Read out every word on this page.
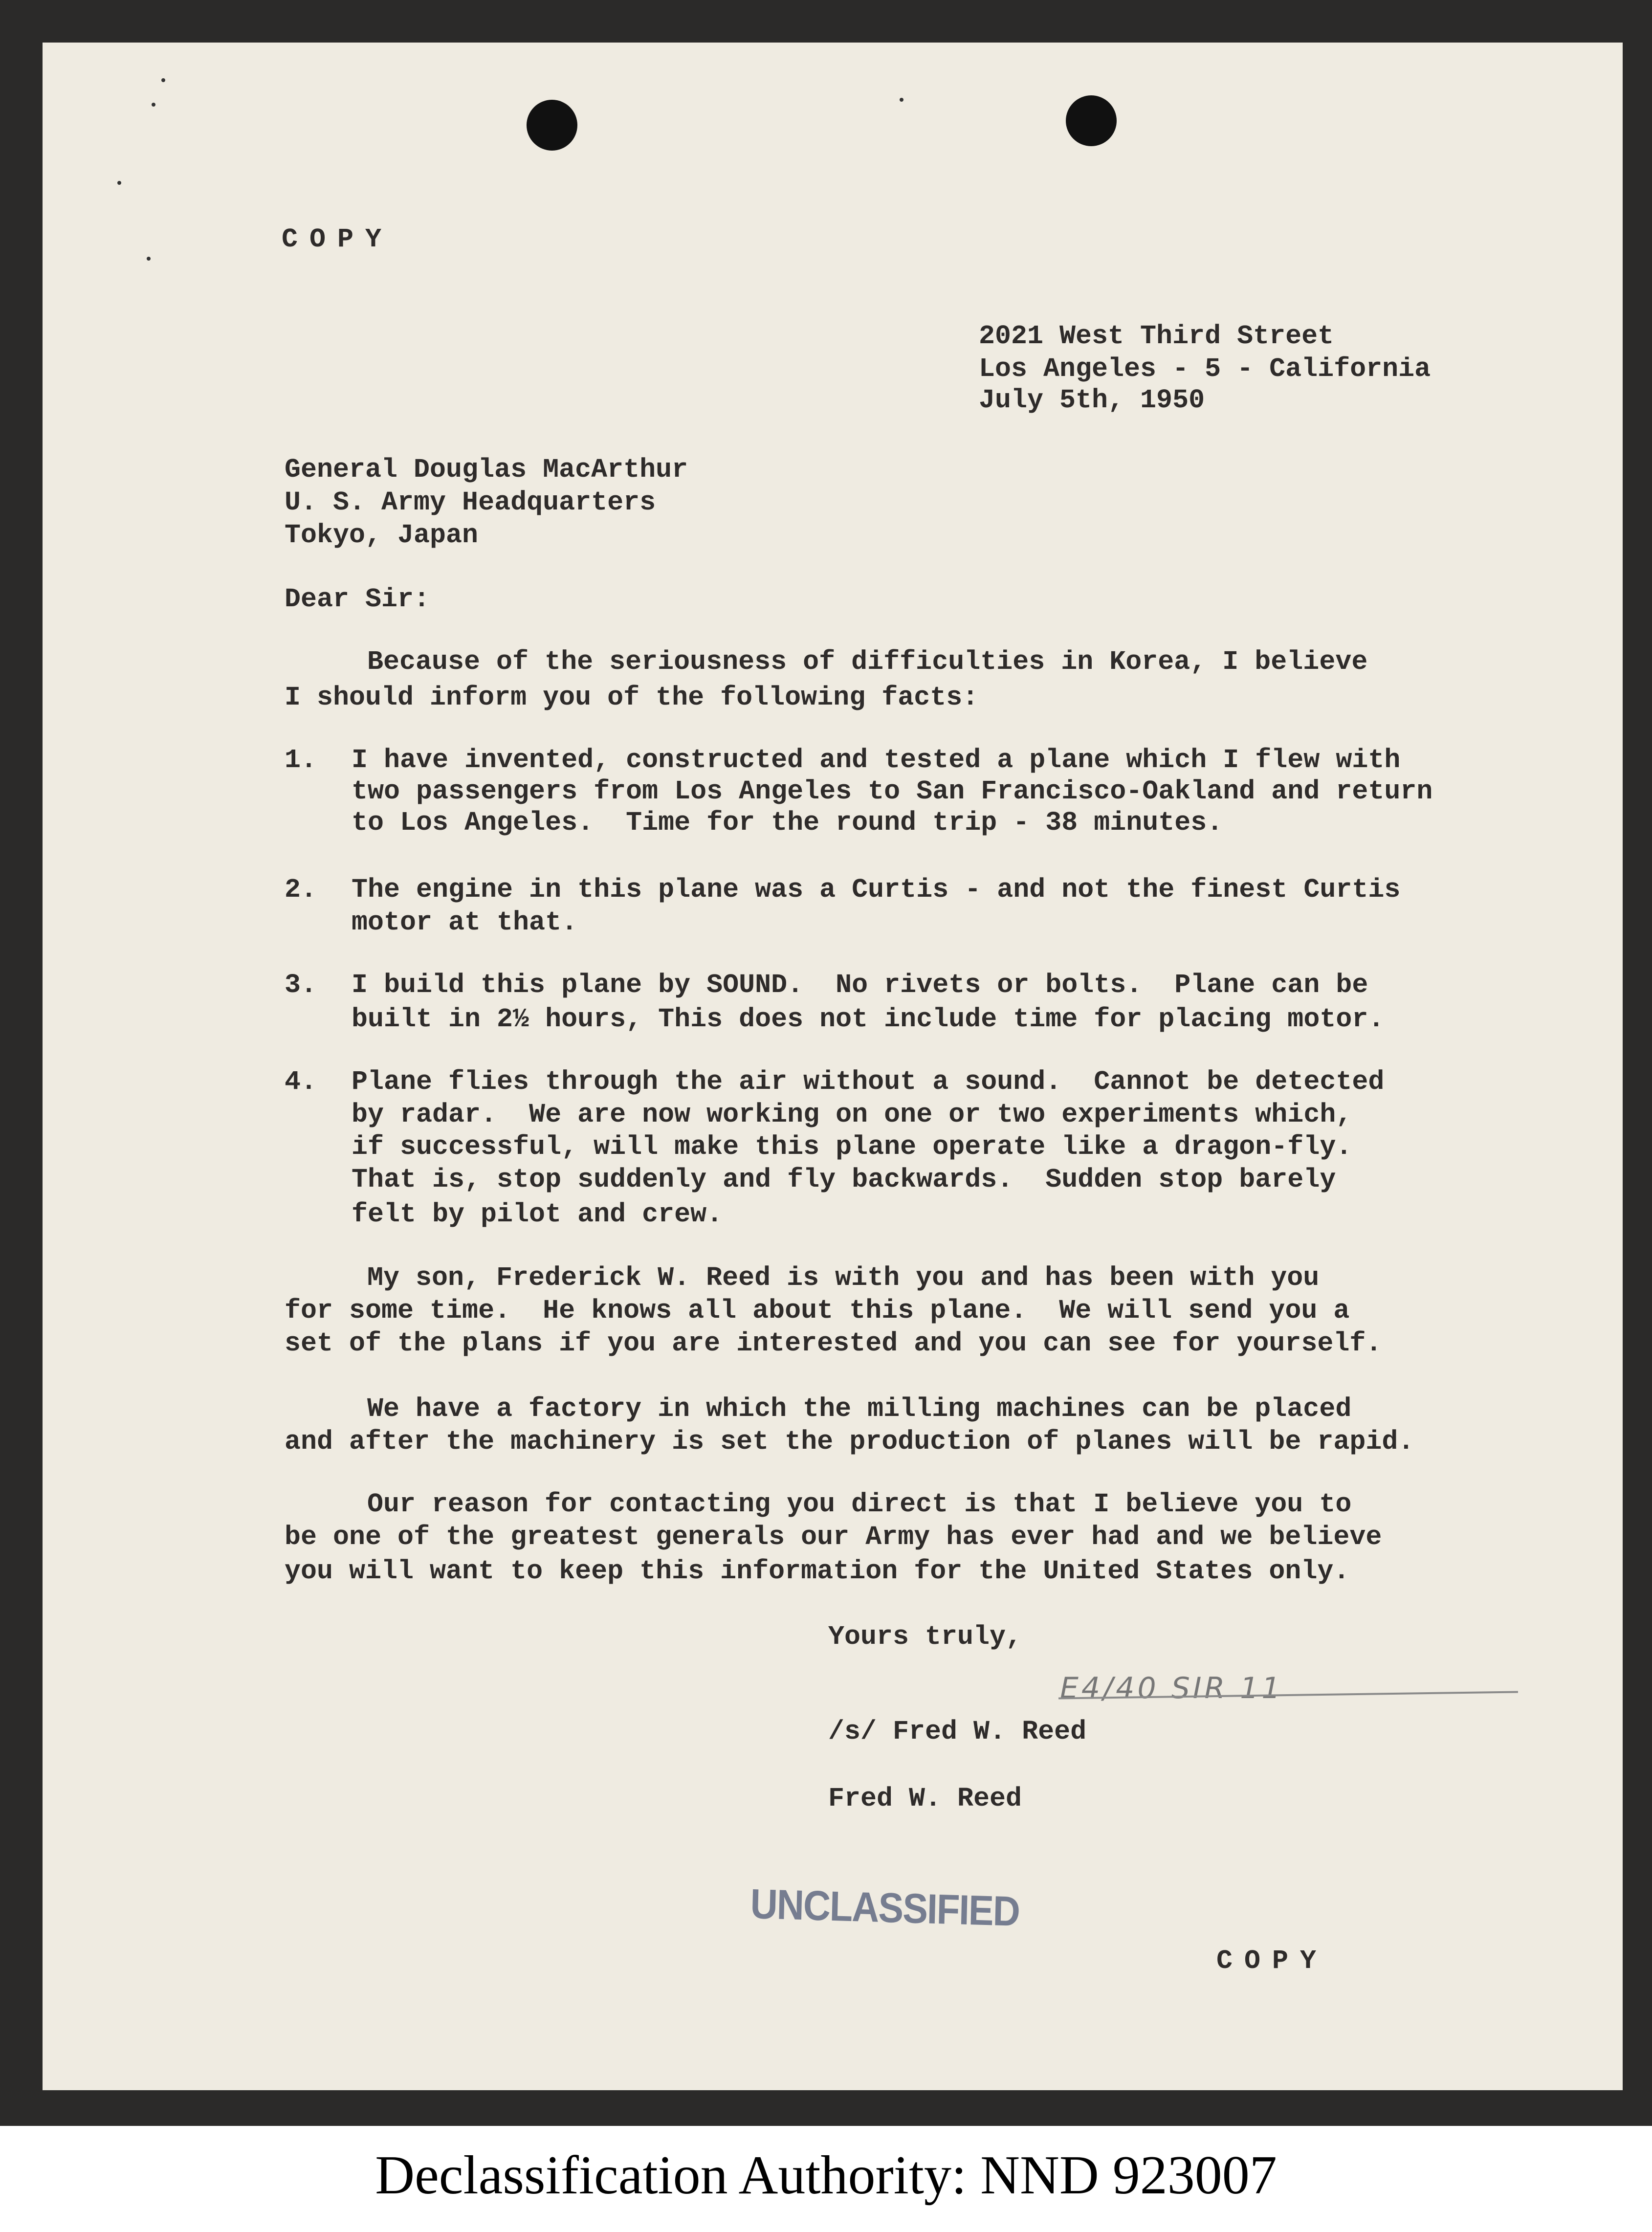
COPY
2021 West Third Street
Los Angeles - 5 - California
July 5th, 1950
General Douglas MacArthur
U. S. Army Headquarters
Tokyo, Japan
Dear Sir:
Because of the seriousness of difficulties in Korea, I believe
I should inform you of the following facts:
1. I have invented, constructed and tested a plane which I flew with
two passengers from Los Angeles to San Francisco-Oakland and return
to Los Angeles.  Time for the round trip - 38 minutes.
2. The engine in this plane was a Curtis - and not the finest Curtis
motor at that.
3. I build this plane by SOUND.  No rivets or bolts.  Plane can be
built in 2½ hours, This does not include time for placing motor.
4. Plane flies through the air without a sound.  Cannot be detected
by radar.  We are now working on one or two experiments which,
if successful, will make this plane operate like a dragon-fly.
That is, stop suddenly and fly backwards.  Sudden stop barely
felt by pilot and crew.
My son, Frederick W. Reed is with you and has been with you
for some time.  He knows all about this plane.  We will send you a
set of the plans if you are interested and you can see for yourself.
We have a factory in which the milling machines can be placed
and after the machinery is set the production of planes will be rapid.
Our reason for contacting you direct is that I believe you to
be one of the greatest generals our Army has ever had and we believe
you will want to keep this information for the United States only.
Yours truly,
E4/40 SIR 11
/s/ Fred W. Reed
Fred W. Reed
UNCLASSIFIED
COPY
Declassification Authority: NND 923007
